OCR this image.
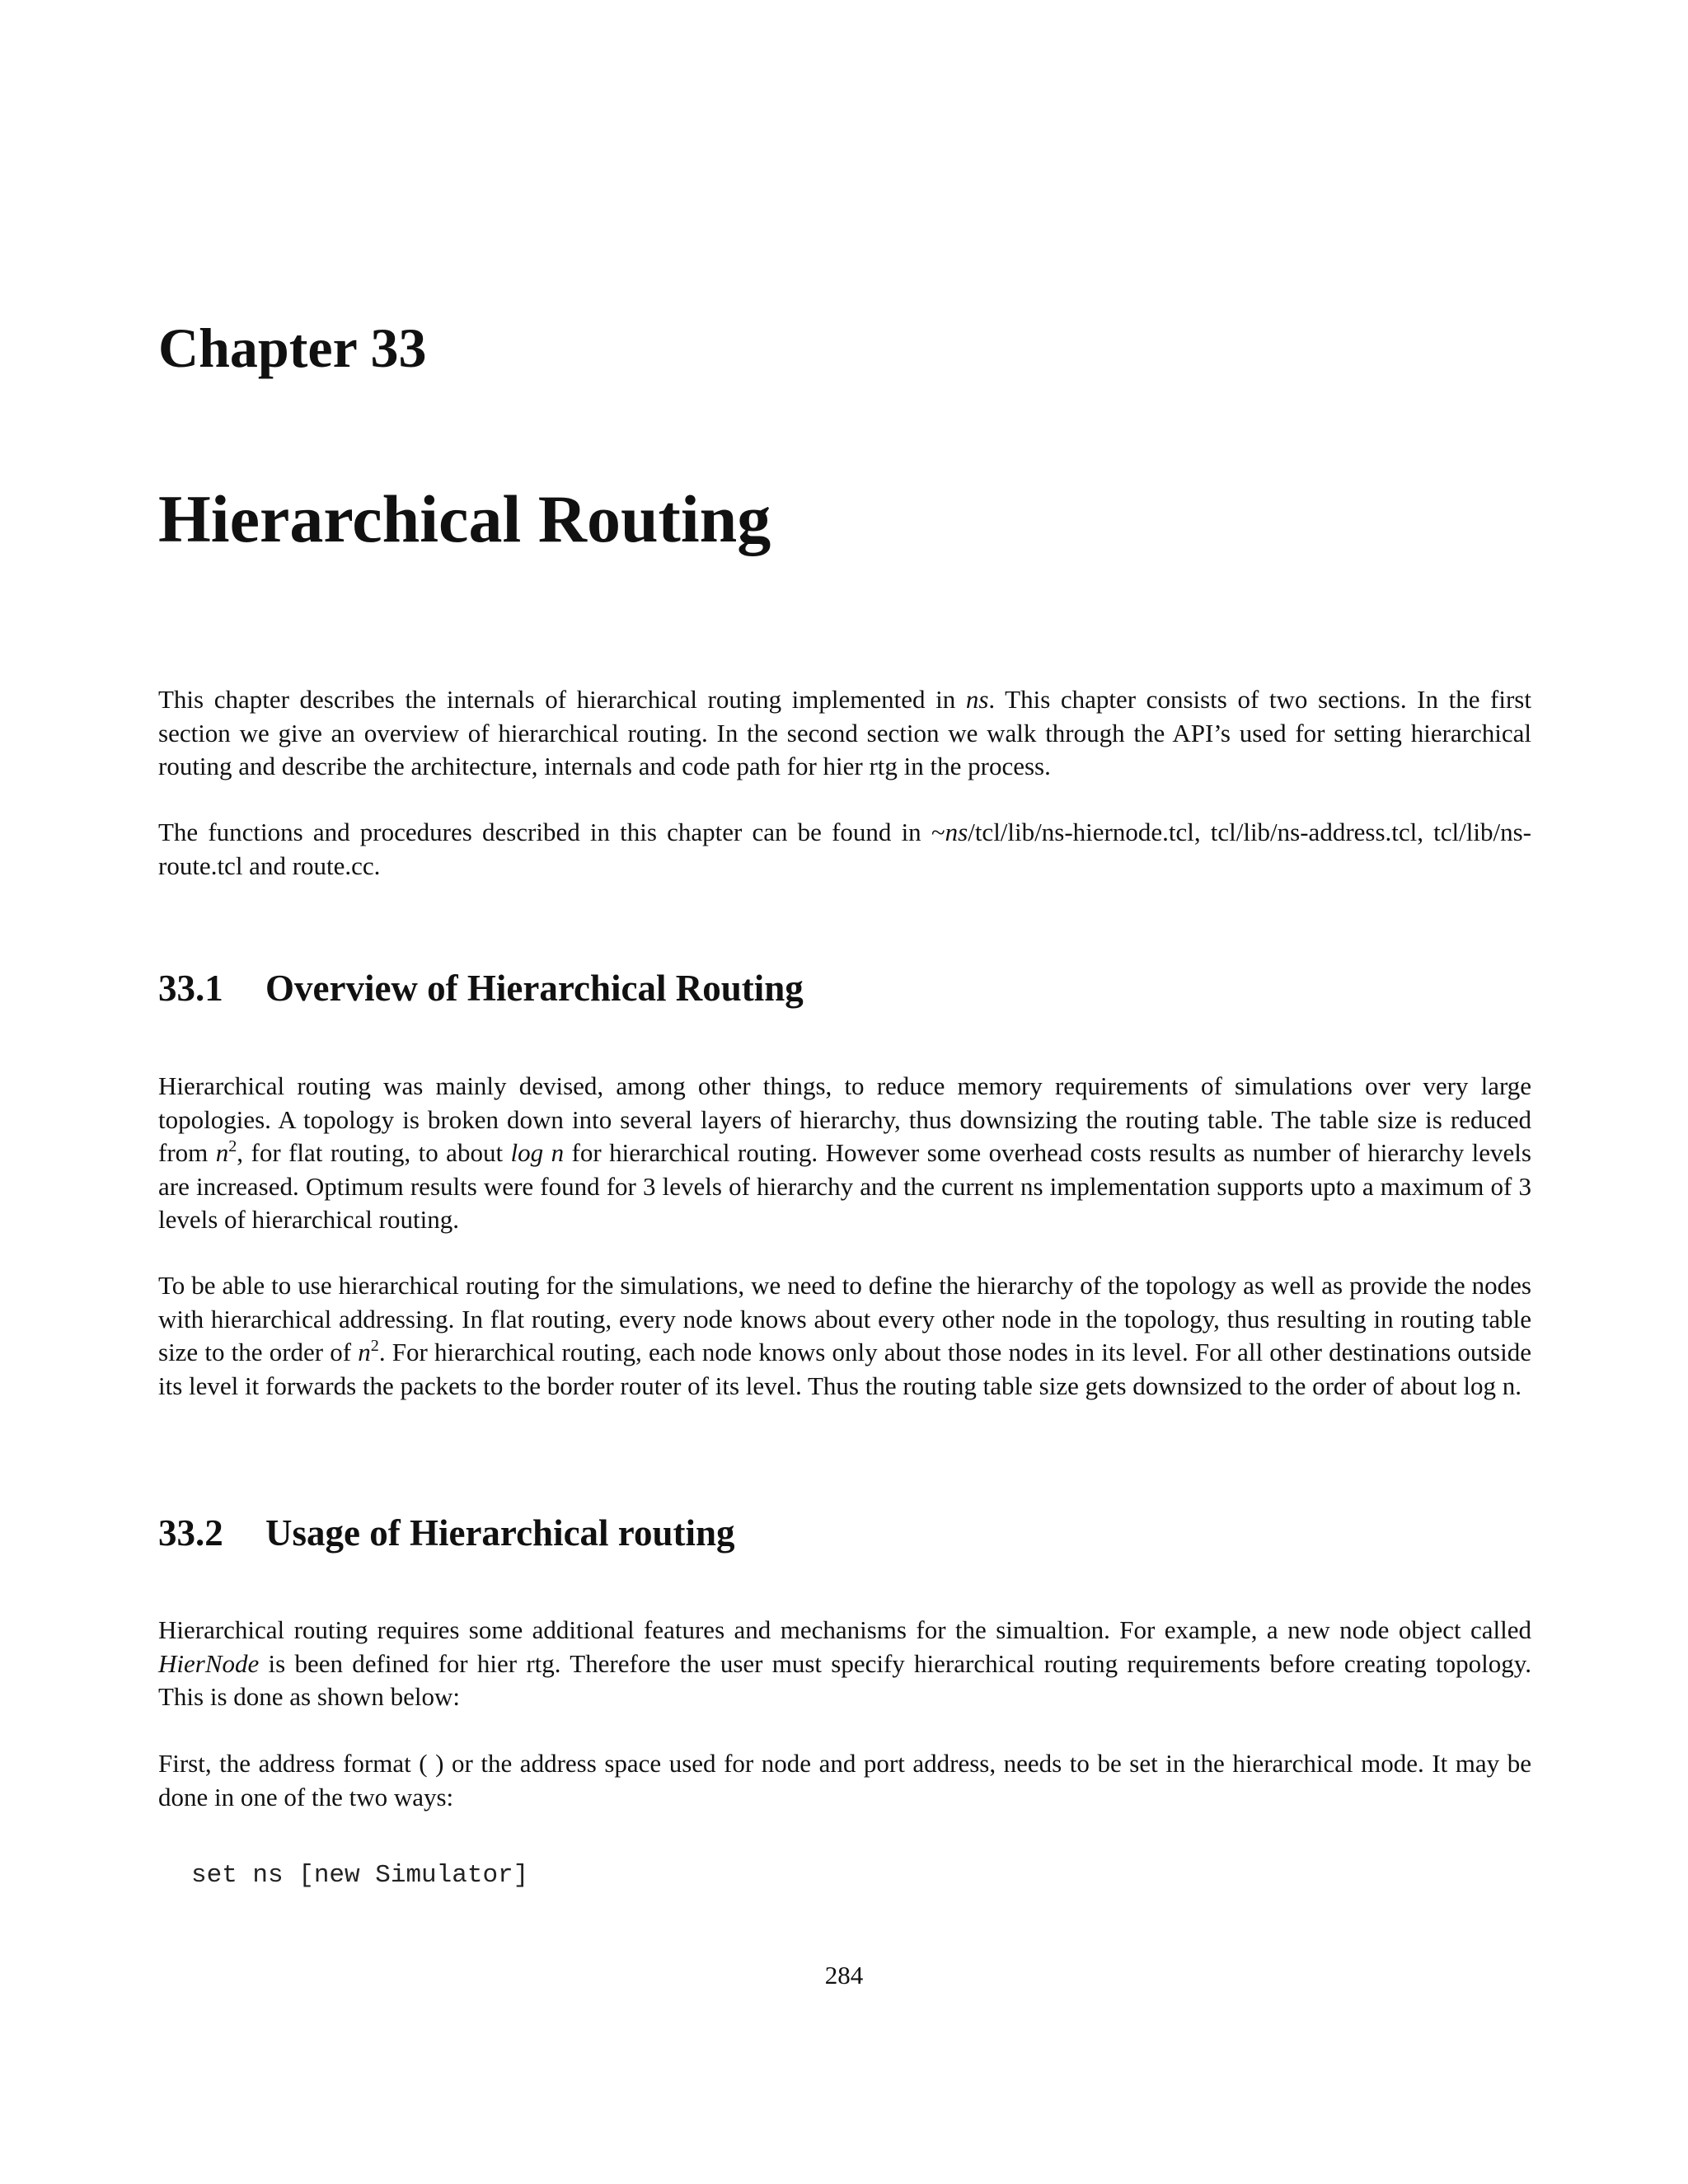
Chapter 33
Hierarchical Routing

This chapter describes the internals of hierarchical routing implemented in ns. This chapter consists of two sections. In the first section we give an overview of hierarchical routing. In the second section we walk through the API’s used for setting hierarchical routing and describe the architecture, internals and code path for hier rtg in the process.

The functions and procedures described in this chapter can be found in ~ns/tcl/lib/ns-hiernode.tcl, tcl/lib/ns-address.tcl, tcl/lib/ns-route.tcl and route.cc.

33.1 Overview of Hierarchical Routing

Hierarchical routing was mainly devised, among other things, to reduce memory requirements of simulations over very large topologies. A topology is broken down into several layers of hierarchy, thus downsizing the routing table. The table size is reduced from $n^2$, for flat routing, to about log n for hierarchical routing. However some overhead costs results as number of hierarchy levels are increased. Optimum results were found for 3 levels of hierarchy and the current ns implementation supports upto a maximum of 3 levels of hierarchical routing.

To be able to use hierarchical routing for the simulations, we need to define the hierarchy of the topology as well as provide the nodes with hierarchical addressing. In flat routing, every node knows about every other node in the topology, thus resulting in routing table size to the order of $n^2$. For hierarchical routing, each node knows only about those nodes in its level. For all other destinations outside its level it forwards the packets to the border router of its level. Thus the routing table size gets downsized to the order of about log n.

33.2 Usage of Hierarchical routing

Hierarchical routing requires some additional features and mechanisms for the simualtion. For example, a new node object called HierNode is been defined for hier rtg. Therefore the user must specify hierarchical routing requirements before creating topology. This is done as shown below:

First, the address format ( ) or the address space used for node and port address, needs to be set in the hierarchical mode. It may be done in one of the two ways:

set ns [new Simulator]
284
